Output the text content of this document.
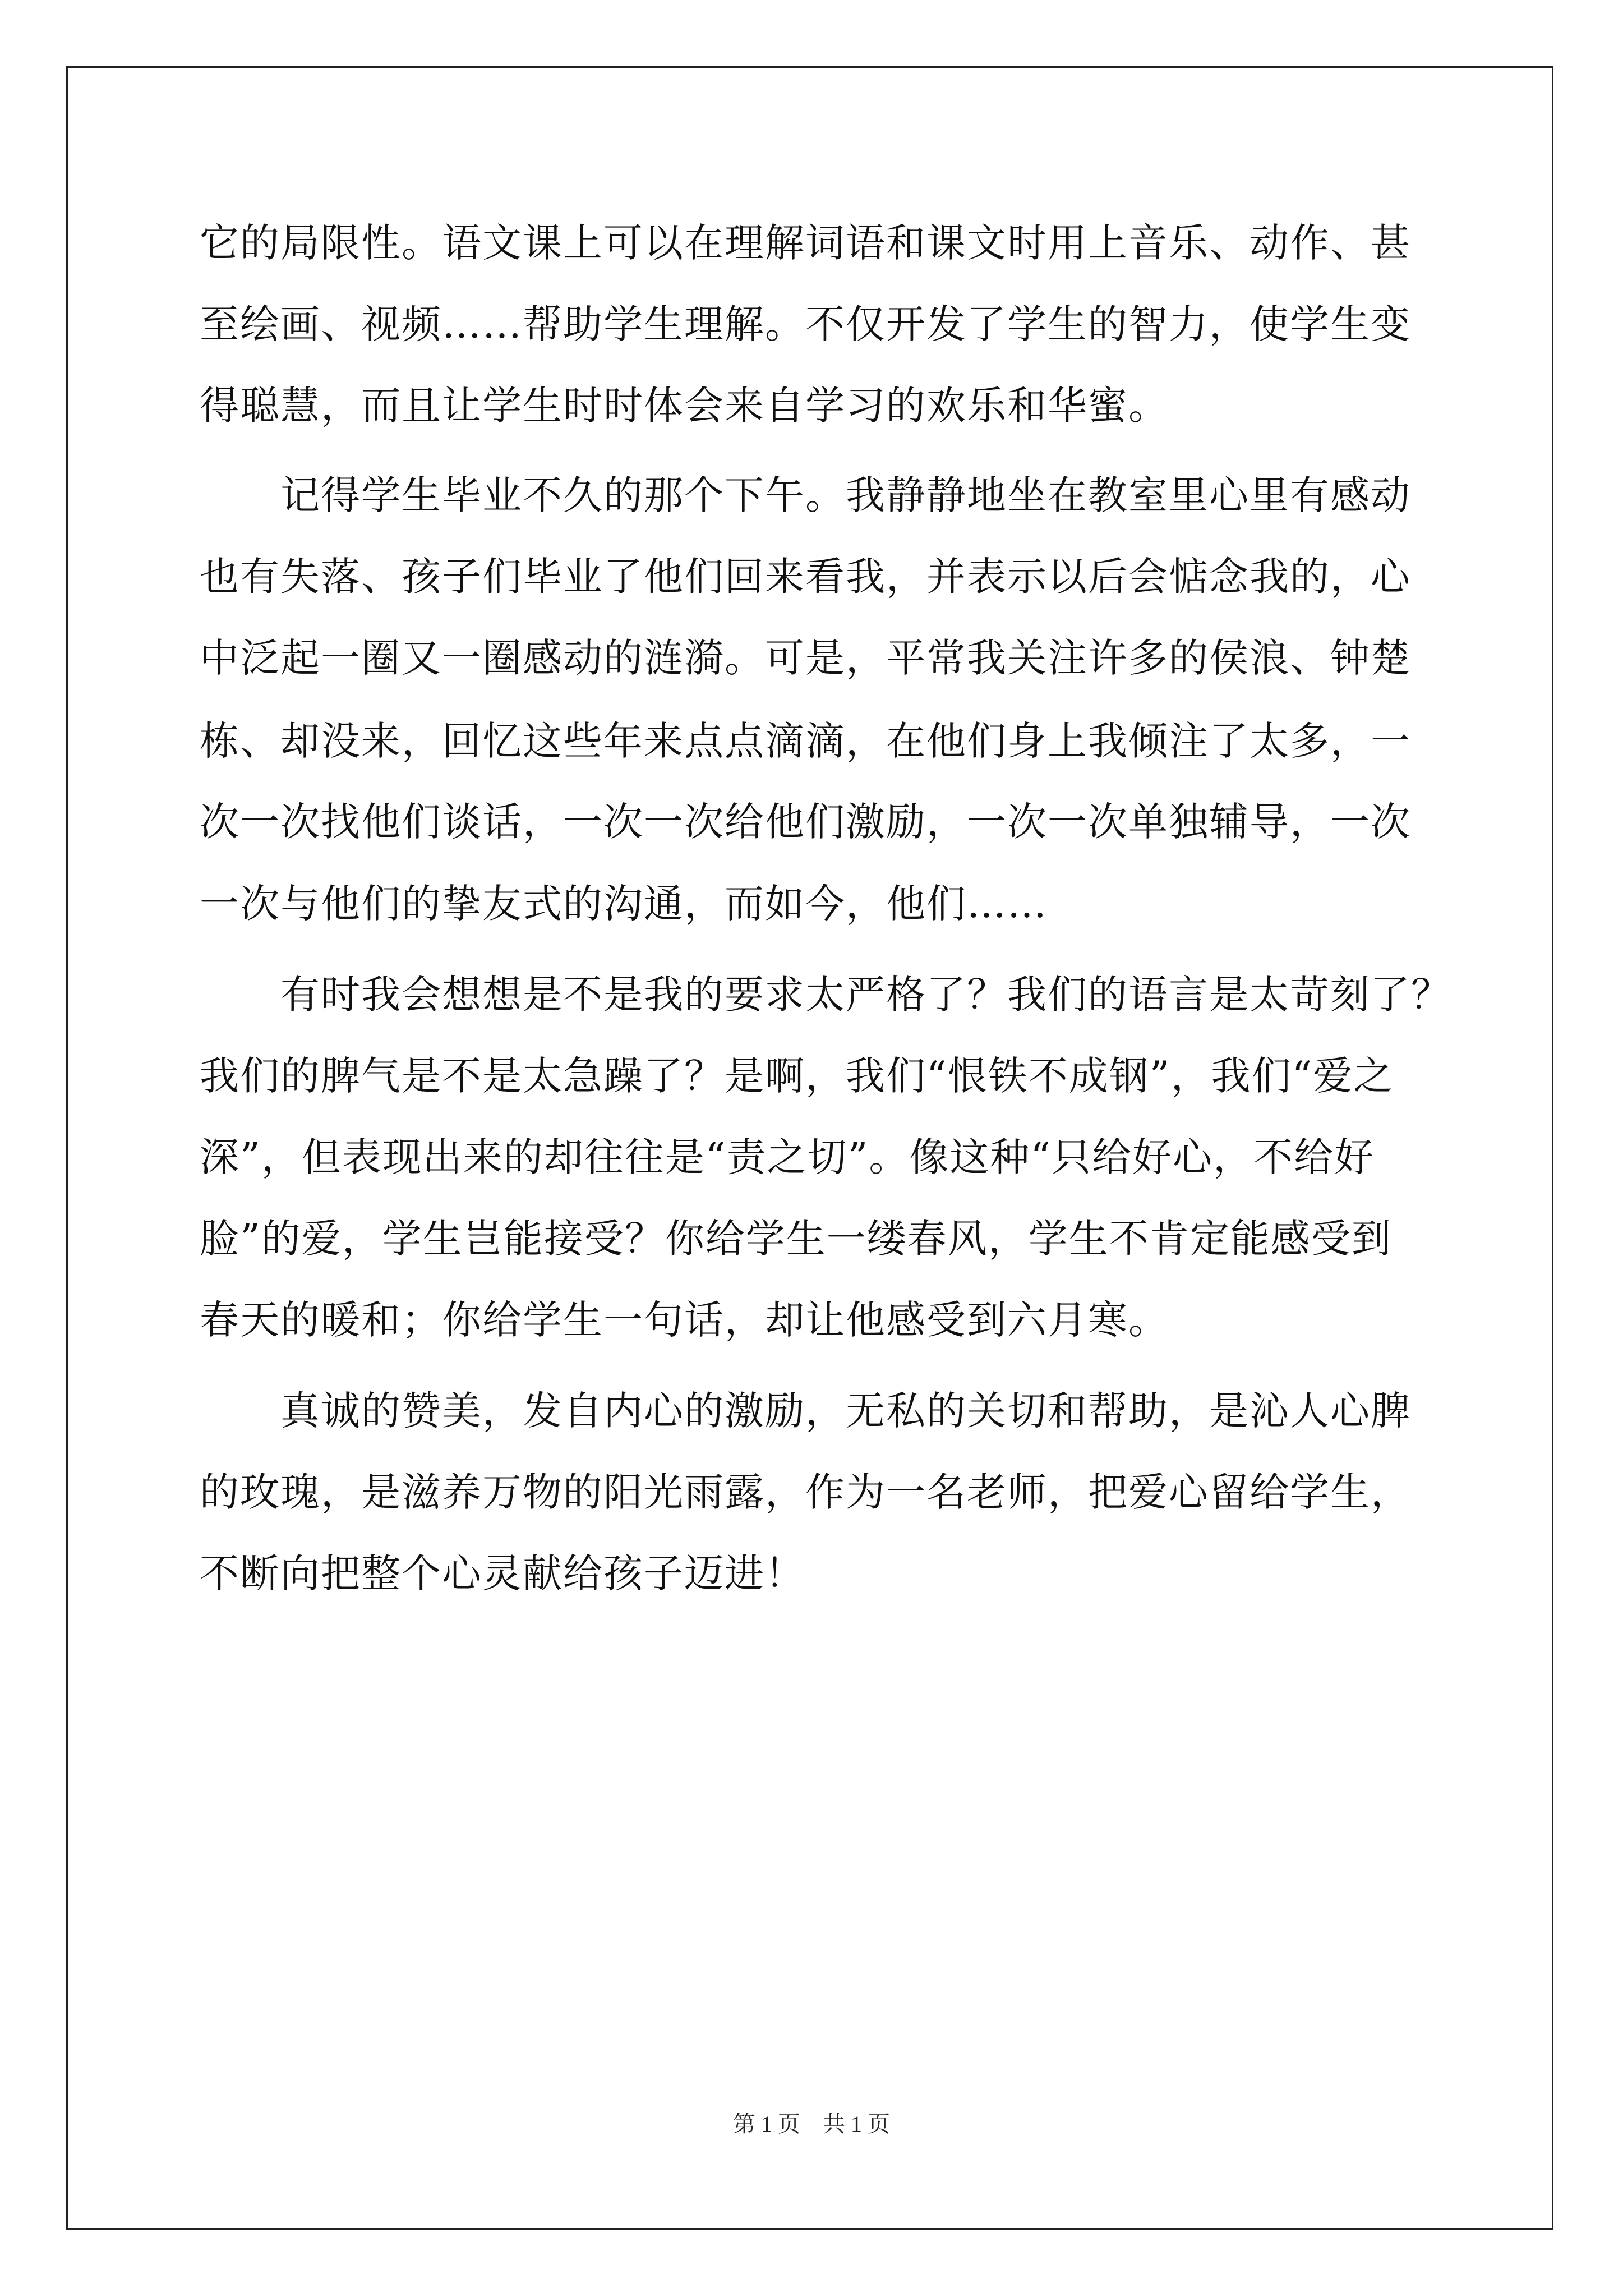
它的局限性。语文课上可以在理解词语和课文时用上音乐、动作、甚
至绘画、视频……帮助学生理解。不仅开发了学生的智力，使学生变
得聪慧，而且让学生时时体会来自学习的欢乐和华蜜。
记得学生毕业不久的那个下午。我静静地坐在教室里心里有感动
也有失落、孩子们毕业了他们回来看我，并表示以后会惦念我的，心
中泛起一圈又一圈感动的涟漪。可是，平常我关注许多的侯浪、钟楚
栋、却没来，回忆这些年来点点滴滴，在他们身上我倾注了太多，一
次一次找他们谈话，一次一次给他们激励，一次一次单独辅导，一次
一次与他们的挚友式的沟通，而如今，他们……
有时我会想想是不是我的要求太严格了？我们的语言是太苛刻了？
我们的脾气是不是太急躁了？是啊，我们“恨铁不成钢”，我们“爱之
深”，但表现出来的却往往是“责之切”。像这种“只给好心，不给好
脸”的爱，学生岂能接受？你给学生一缕春风，学生不肯定能感受到
春天的暖和；你给学生一句话，却让他感受到六月寒。
真诚的赞美，发自内心的激励，无私的关切和帮助，是沁人心脾
的玫瑰，是滋养万物的阳光雨露，作为一名老师，把爱心留给学生，
不断向把整个心灵献给孩子迈进！
第 1 页　共 1 页
